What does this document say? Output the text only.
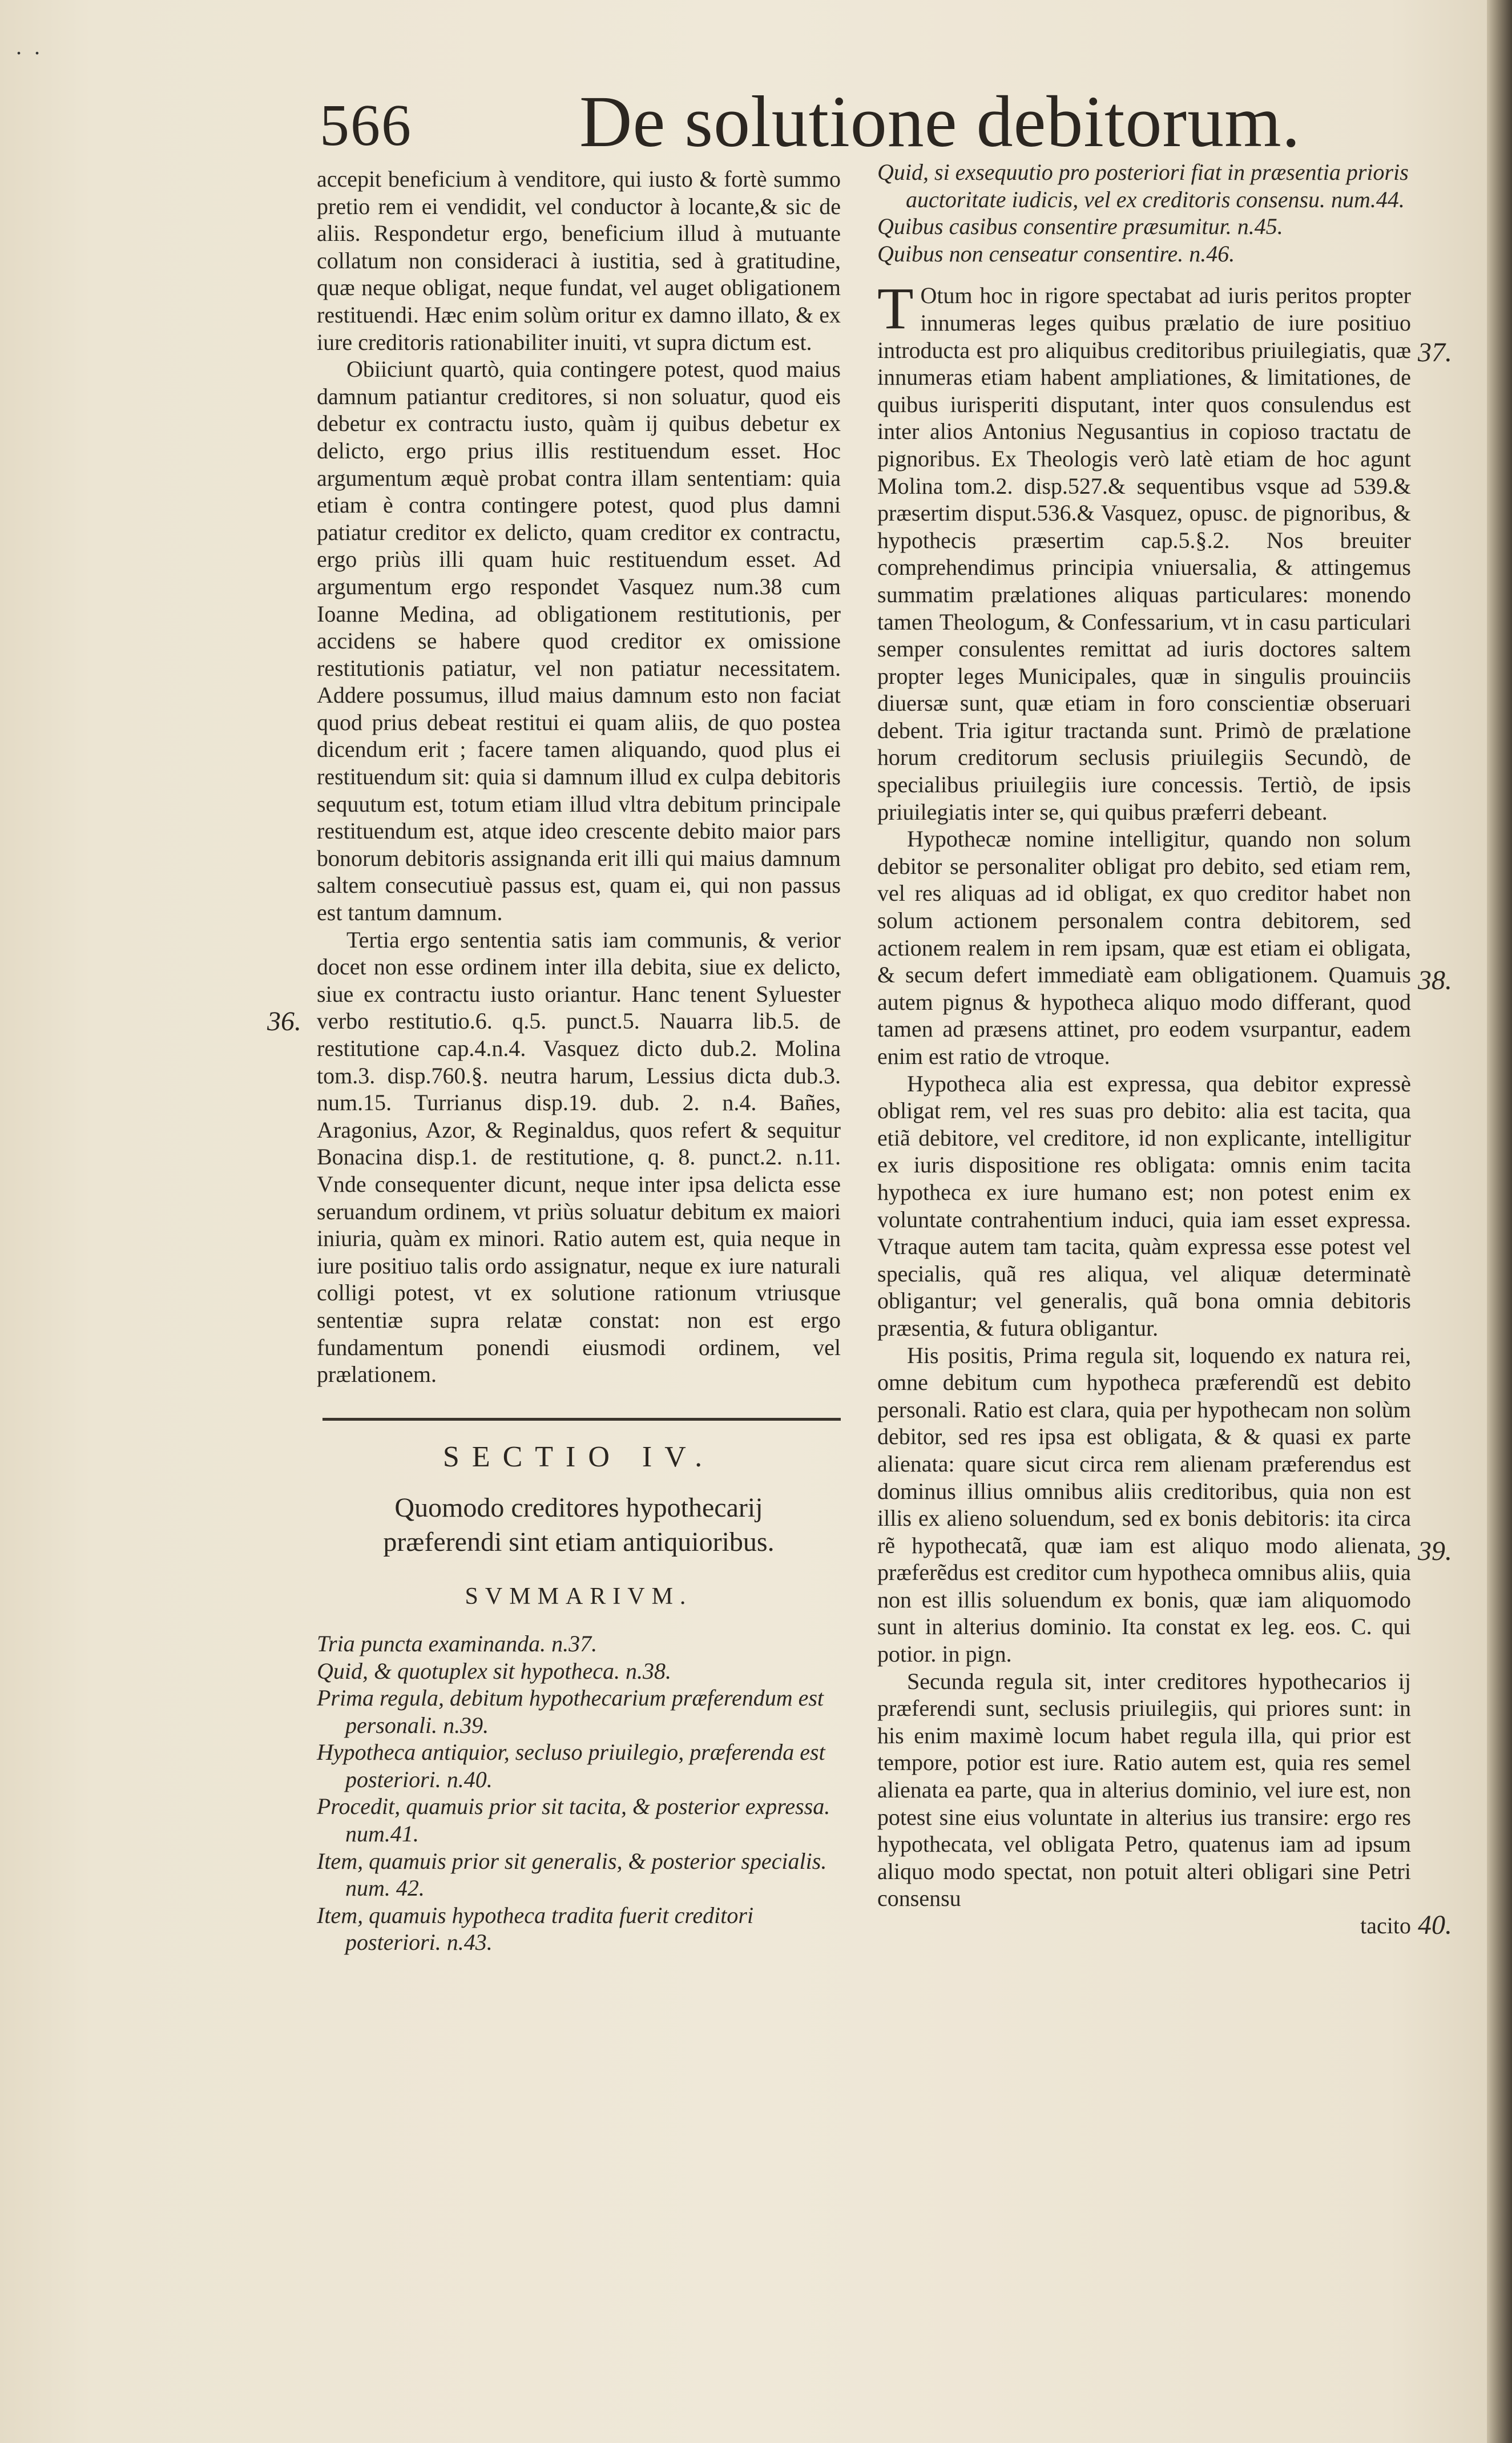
. .
566 De solutione debitorum.

accepit beneficium à venditore, qui iusto & fortè summo pretio rem ei vendidit, vel conductor à locante,& sic de aliis. Respondetur ergo, beneficium illud à mutuante collatum non consideraci à iustitia, sed à gratitudine, quæ neque obligat, neque fundat, vel auget obligationem restituendi. Hæc enim solùm oritur ex damno illato, & ex iure creditoris rationabiliter inuiti, vt supra dictum est.

Obiiciunt quartò, quia contingere potest, quod maius damnum patiantur creditores, si non soluatur, quod eis debetur ex contractu iusto, quàm ij quibus debetur ex delicto, ergo prius illis restituendum esset. Hoc argumentum æquè probat contra illam sententiam: quia etiam è contra contingere potest, quod plus damni patiatur creditor ex delicto, quam creditor ex contractu, ergo priùs illi quam huic restituendum esset. Ad argumentum ergo respondet Vasquez num.38 cum Ioanne Medina, ad obligationem restitutionis, per accidens se habere quod creditor ex omissione restitutionis patiatur, vel non patiatur necessitatem. Addere possumus, illud maius damnum esto non faciat quod prius debeat restitui ei quam aliis, de quo postea dicendum erit ; facere tamen aliquando, quod plus ei restituendum sit: quia si damnum illud ex culpa debitoris sequutum est, totum etiam illud vltra debitum principale restituendum est, atque ideo crescente debito maior pars bonorum debitoris assignanda erit illi qui maius damnum saltem consecutiuè passus est, quam ei, qui non passus est tantum damnum.

Tertia ergo sententia satis iam communis, & verior docet non esse ordinem inter illa debita, siue ex delicto, siue ex contractu iusto oriantur. Hanc tenent Syluester verbo restitutio.6. q.5. punct.5. Nauarra lib.5. de restitutione cap.4.n.4. Vasquez dicto dub.2. Molina tom.3. disp.760.§. neutra harum, Lessius dicta dub.3. num.15. Turrianus disp.19. dub. 2. n.4. Bañes, Aragonius, Azor, & Reginaldus, quos refert & sequitur Bonacina disp.1. de restitutione, q. 8. punct.2. n.11. Vnde consequenter dicunt, neque inter ipsa delicta esse seruandum ordinem, vt priùs soluatur debitum ex maiori iniuria, quàm ex minori. Ratio autem est, quia neque in iure positiuo talis ordo assignatur, neque ex iure naturali colligi potest, vt ex solutione rationum vtriusque sententiæ supra relatæ constat: non est ergo fundamentum ponendi eiusmodi ordinem, vel prælationem.

SECTIO IV.
Quomodo creditores hypothecarij præferendi sint etiam antiquioribus.
SVMMARIVM.

Tria puncta examinanda. n.37.

Quid, & quotuplex sit hypotheca. n.38.

Prima regula, debitum hypothecarium præferendum est personali. n.39.

Hypotheca antiquior, secluso priuilegio, præferenda est posteriori. n.40.

Procedit, quamuis prior sit tacita, & posterior expressa. num.41.

Item, quamuis prior sit generalis, & posterior specialis. num. 42.

Item, quamuis hypotheca tradita fuerit creditori posteriori. n.43.

36.

Quid, si exsequutio pro posteriori fiat in præsentia prioris auctoritate iudicis, vel ex creditoris consensu. num.44.

Quibus casibus consentire præsumitur. n.45.

Quibus non censeatur consentire. n.46.

T Otum hoc in rigore spectabat ad iuris peritos propter innumeras leges quibus prælatio de iure positiuo introducta est pro aliquibus creditoribus priuilegiatis, quæ innumeras etiam habent ampliationes, & limitationes, de quibus iurisperiti disputant, inter quos consulendus est inter alios Antonius Negusantius in copioso tractatu de pignoribus. Ex Theologis verò latè etiam de hoc agunt Molina tom.2. disp.527.& sequentibus vsque ad 539.& præsertim disput.536.& Vasquez, opusc. de pignoribus, & hypothecis præsertim cap.5.§.2. Nos breuiter comprehendimus principia vniuersalia, & attingemus summatim prælationes aliquas particulares: monendo tamen Theologum, & Confessarium, vt in casu particulari semper consulentes remittat ad iuris doctores saltem propter leges Municipales, quæ in singulis prouinciis diuersæ sunt, quæ etiam in foro conscientiæ obseruari debent. Tria igitur tractanda sunt. Primò de prælatione horum creditorum seclusis priuilegiis Secundò, de specialibus priuilegiis iure concessis. Tertiò, de ipsis priuilegiatis inter se, qui quibus præferri debeant.

Hypothecæ nomine intelligitur, quando non solum debitor se personaliter obligat pro debito, sed etiam rem, vel res aliquas ad id obligat, ex quo creditor habet non solum actionem personalem contra debitorem, sed actionem realem in rem ipsam, quæ est etiam ei obligata, & secum defert immediatè eam obligationem. Quamuis autem pignus & hypotheca aliquo modo differant, quod tamen ad præsens attinet, pro eodem vsurpantur, eadem enim est ratio de vtroque.

Hypotheca alia est expressa, qua debitor expressè obligat rem, vel res suas pro debito: alia est tacita, qua etiã debitore, vel creditore, id non explicante, intelligitur ex iuris dispositione res obligata: omnis enim tacita hypotheca ex iure humano est; non potest enim ex voluntate contrahentium induci, quia iam esset expressa. Vtraque autem tam tacita, quàm expressa esse potest vel specialis, quã res aliqua, vel aliquæ determinatè obligantur; vel generalis, quã bona omnia debitoris præsentia, & futura obligantur.

His positis, Prima regula sit, loquendo ex natura rei, omne debitum cum hypotheca præferendũ est debito personali. Ratio est clara, quia per hypothecam non solùm debitor, sed res ipsa est obligata, & & quasi ex parte alienata: quare sicut circa rem alienam præferendus est dominus illius omnibus aliis creditoribus, quia non est illis ex alieno soluendum, sed ex bonis debitoris: ita circa rẽ hypothecatã, quæ iam est aliquo modo alienata, præferẽdus est creditor cum hypotheca omnibus aliis, quia non est illis soluendum ex bonis, quæ iam aliquomodo sunt in alterius dominio. Ita constat ex leg. eos. C. qui potior. in pign.

Secunda regula sit, inter creditores hypothecarios ij præferendi sunt, seclusis priuilegiis, qui priores sunt: in his enim maximè locum habet regula illa, qui prior est tempore, potior est iure. Ratio autem est, quia res semel alienata ea parte, qua in alterius dominio, vel iure est, non potest sine eius voluntate in alterius ius transire: ergo res hypothecata, vel obligata Petro, quatenus iam ad ipsum aliquo modo spectat, non potuit alteri obligari sine Petri consensu

tacito

37.
38.
39.
40.
